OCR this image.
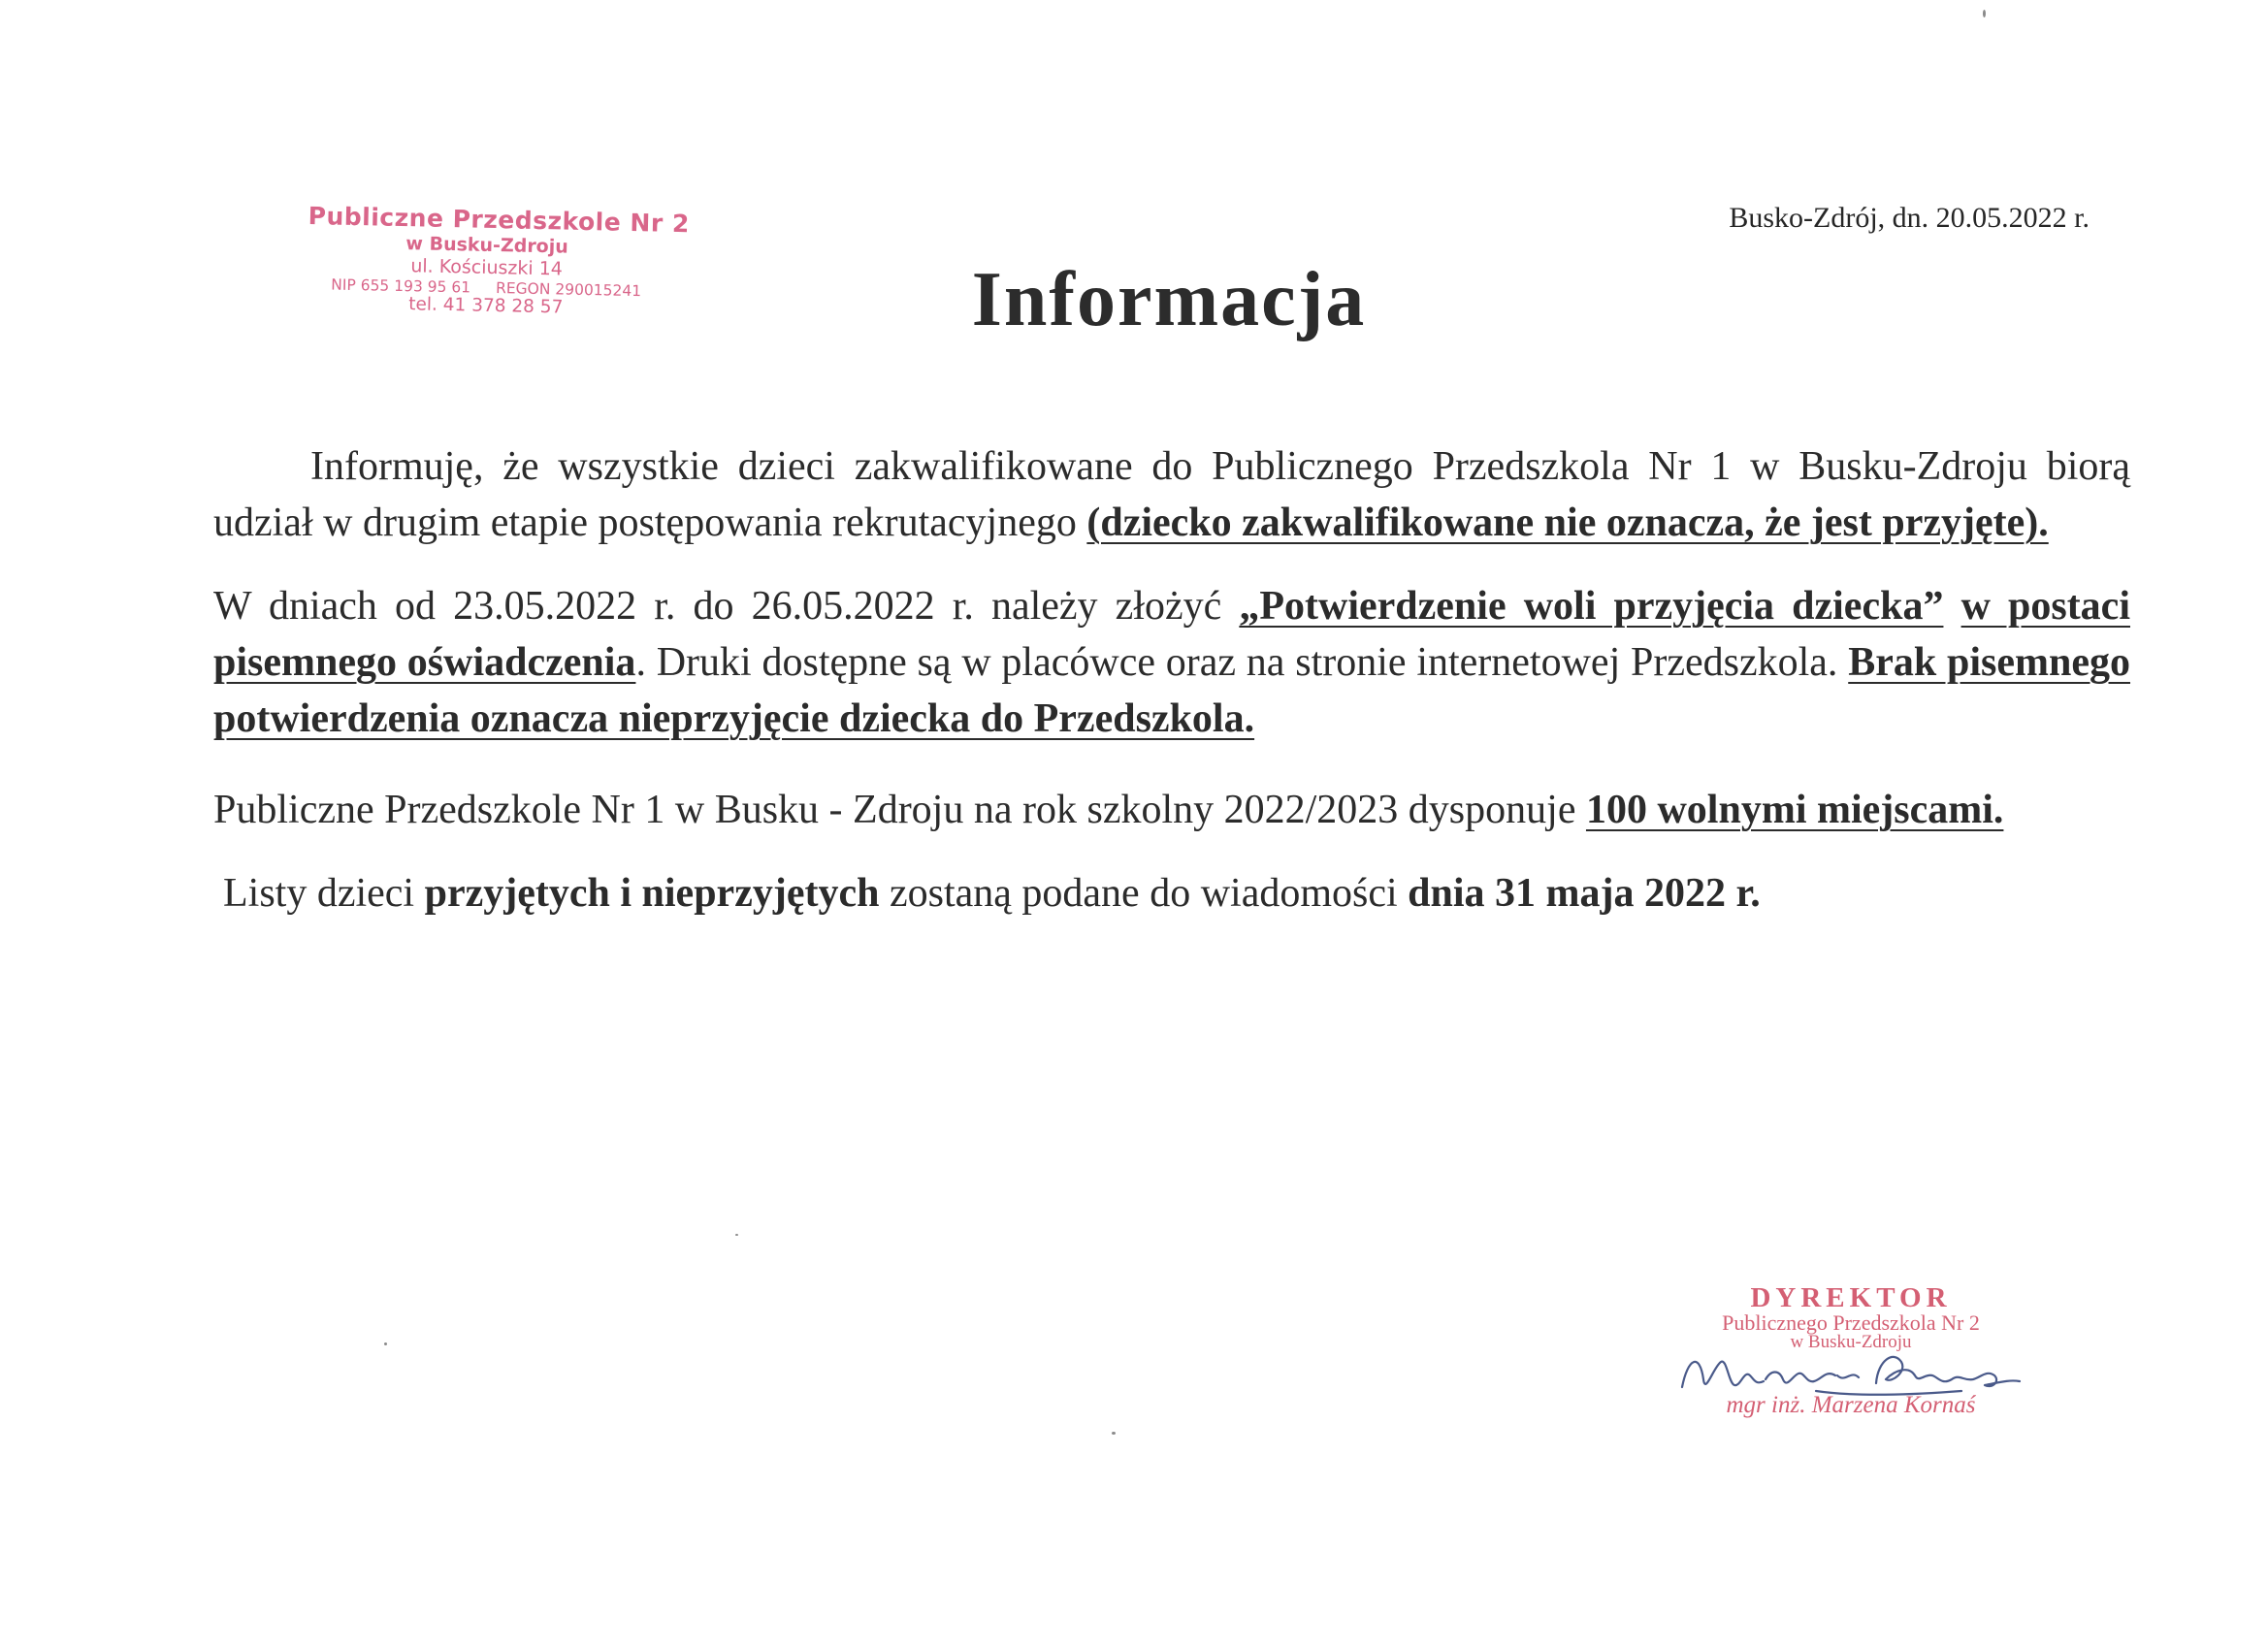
Publiczne Przedszkole Nr 2
w Busku-Zdroju
ul. Kościuszki 14
NIP 655 193 95 61 REGON 290015241
tel. 41 378 28 57
Busko-Zdrój, dn. 20.05.2022 r.
Informacja

Informuję, że wszystkie dzieci zakwalifikowane do Publicznego Przedszkola Nr 1 w Busku-Zdroju biorą udział w drugim etapie postępowania rekrutacyjnego (dziecko zakwalifikowane nie oznacza, że jest przyjęte).

W dniach od 23.05.2022 r. do 26.05.2022 r. należy złożyć „Potwierdzenie woli przyjęcia dziecka” w postaci pisemnego oświadczenia. Druki dostępne są w placówce oraz na stronie internetowej Przedszkola. Brak pisemnego potwierdzenia oznacza nieprzyjęcie dziecka do Przedszkola.

Publiczne Przedszkole Nr 1 w Busku - Zdroju na rok szkolny 2022/2023 dysponuje 100 wolnymi miejscami.

Listy dzieci przyjętych i nieprzyjętych zostaną podane do wiadomości dnia 31 maja 2022 r.

DYREKTOR
Publicznego Przedszkola Nr 2
w Busku-Zdroju
mgr inż. Marzena Kornaś
